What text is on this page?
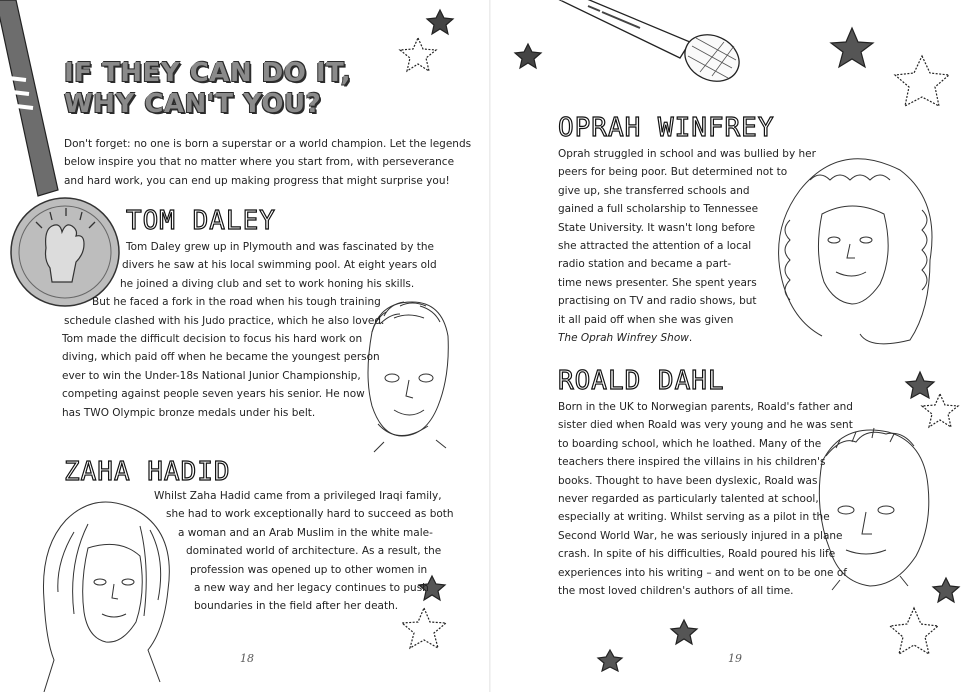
IF THEY CAN DO IT,
WHY CAN'T YOU?
Don't forget: no one is born a superstar or a world champion. Let the legends
below inspire you that no matter where you start from, with perseverance
and hard work, you can end up making progress that might surprise you!
TOM DALEY
Tom Daley grew up in Plymouth and was fascinated by the
divers he saw at his local swimming pool. At eight years old
he joined a diving club and set to work honing his skills.
But he faced a fork in the road when his tough training
schedule clashed with his Judo practice, which he also loved.
Tom made the difficult decision to focus his hard work on
diving, which paid off when he became the youngest person
ever to win the Under-18s National Junior Championship,
competing against people seven years his senior. He now
has TWO Olympic bronze medals under his belt.
ZAHA HADID
Whilst Zaha Hadid came from a privileged Iraqi family,
she had to work exceptionally hard to succeed as both
a woman and an Arab Muslim in the white male-
dominated world of architecture. As a result, the
profession was opened up to other women in
a new way and her legacy continues to push
boundaries in the field after her death.
18
OPRAH WINFREY
Oprah struggled in school and was bullied by her
peers for being poor. But determined not to
give up, she transferred schools and
gained a full scholarship to Tennessee
State University. It wasn't long before
she attracted the attention of a local
radio station and became a part-
time news presenter. She spent years
practising on TV and radio shows, but
it all paid off when she was given
The Oprah Winfrey Show.
ROALD DAHL
Born in the UK to Norwegian parents, Roald's father and
sister died when Roald was very young and he was sent
to boarding school, which he loathed. Many of the
teachers there inspired the villains in his children's
books. Thought to have been dyslexic, Roald was
never regarded as particularly talented at school,
especially at writing. Whilst serving as a pilot in the
Second World War, he was seriously injured in a plane
crash. In spite of his difficulties, Roald poured his life
experiences into his writing – and went on to be one of
the most loved children's authors of all time.
19
